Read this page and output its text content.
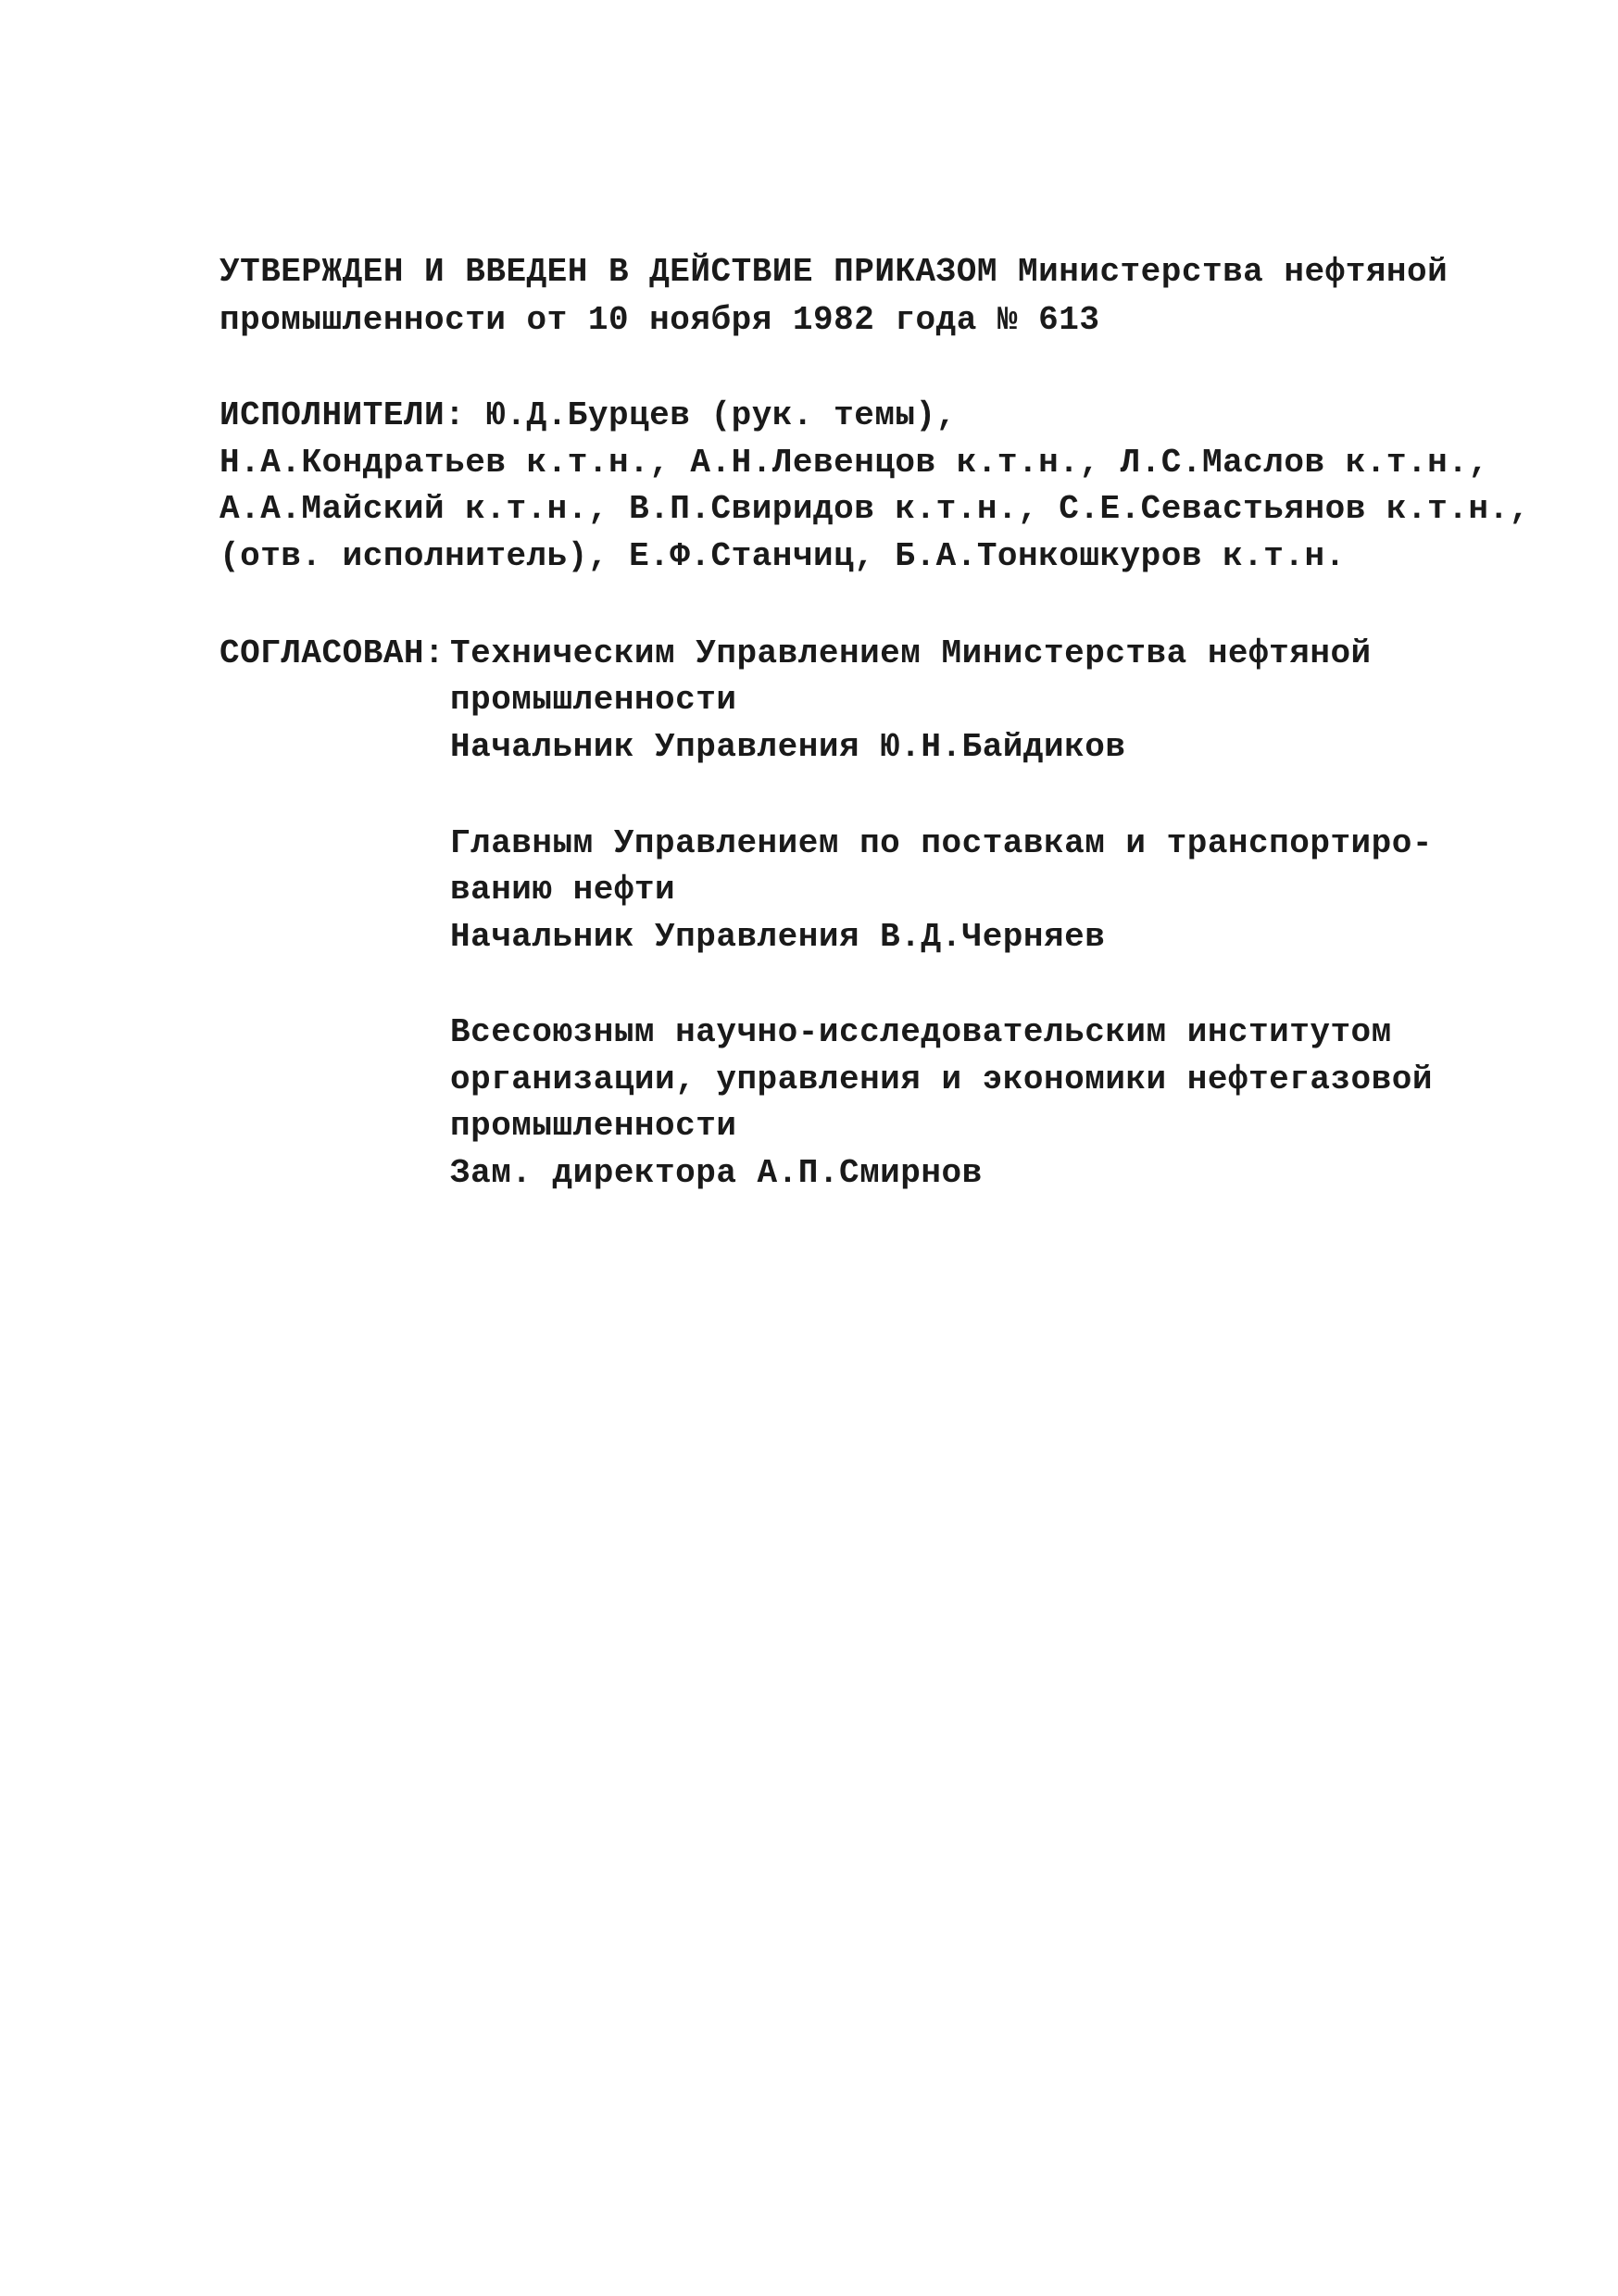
УТВЕРЖДЕН И ВВЕДЕН В ДЕЙСТВИЕ ПРИКАЗОМ Министерства нефтяной
промышленности от 10 ноября 1982 года № 613
ИСПОЛНИТЕЛИ: Ю.Д.Бурцев (рук. темы),
Н.А.Кондратьев к.т.н., А.Н.Левенцов к.т.н., Л.С.Маслов к.т.н.,
А.А.Майский к.т.н., В.П.Свиридов к.т.н., С.Е.Севастьянов к.т.н.,
(отв. исполнитель), Е.Ф.Станчиц, Б.А.Тонкошкуров к.т.н.
СОГЛАСОВАН: Техническим Управлением Министерства нефтяной
промышленности
Начальник Управления Ю.Н.Байдиков
Главным Управлением по поставкам и транспортиро-
ванию нефти
Начальник Управления В.Д.Черняев
Всесоюзным научно-исследовательским институтом
организации, управления и экономики нефтегазовой
промышленности
Зам. директора А.П.Смирнов
